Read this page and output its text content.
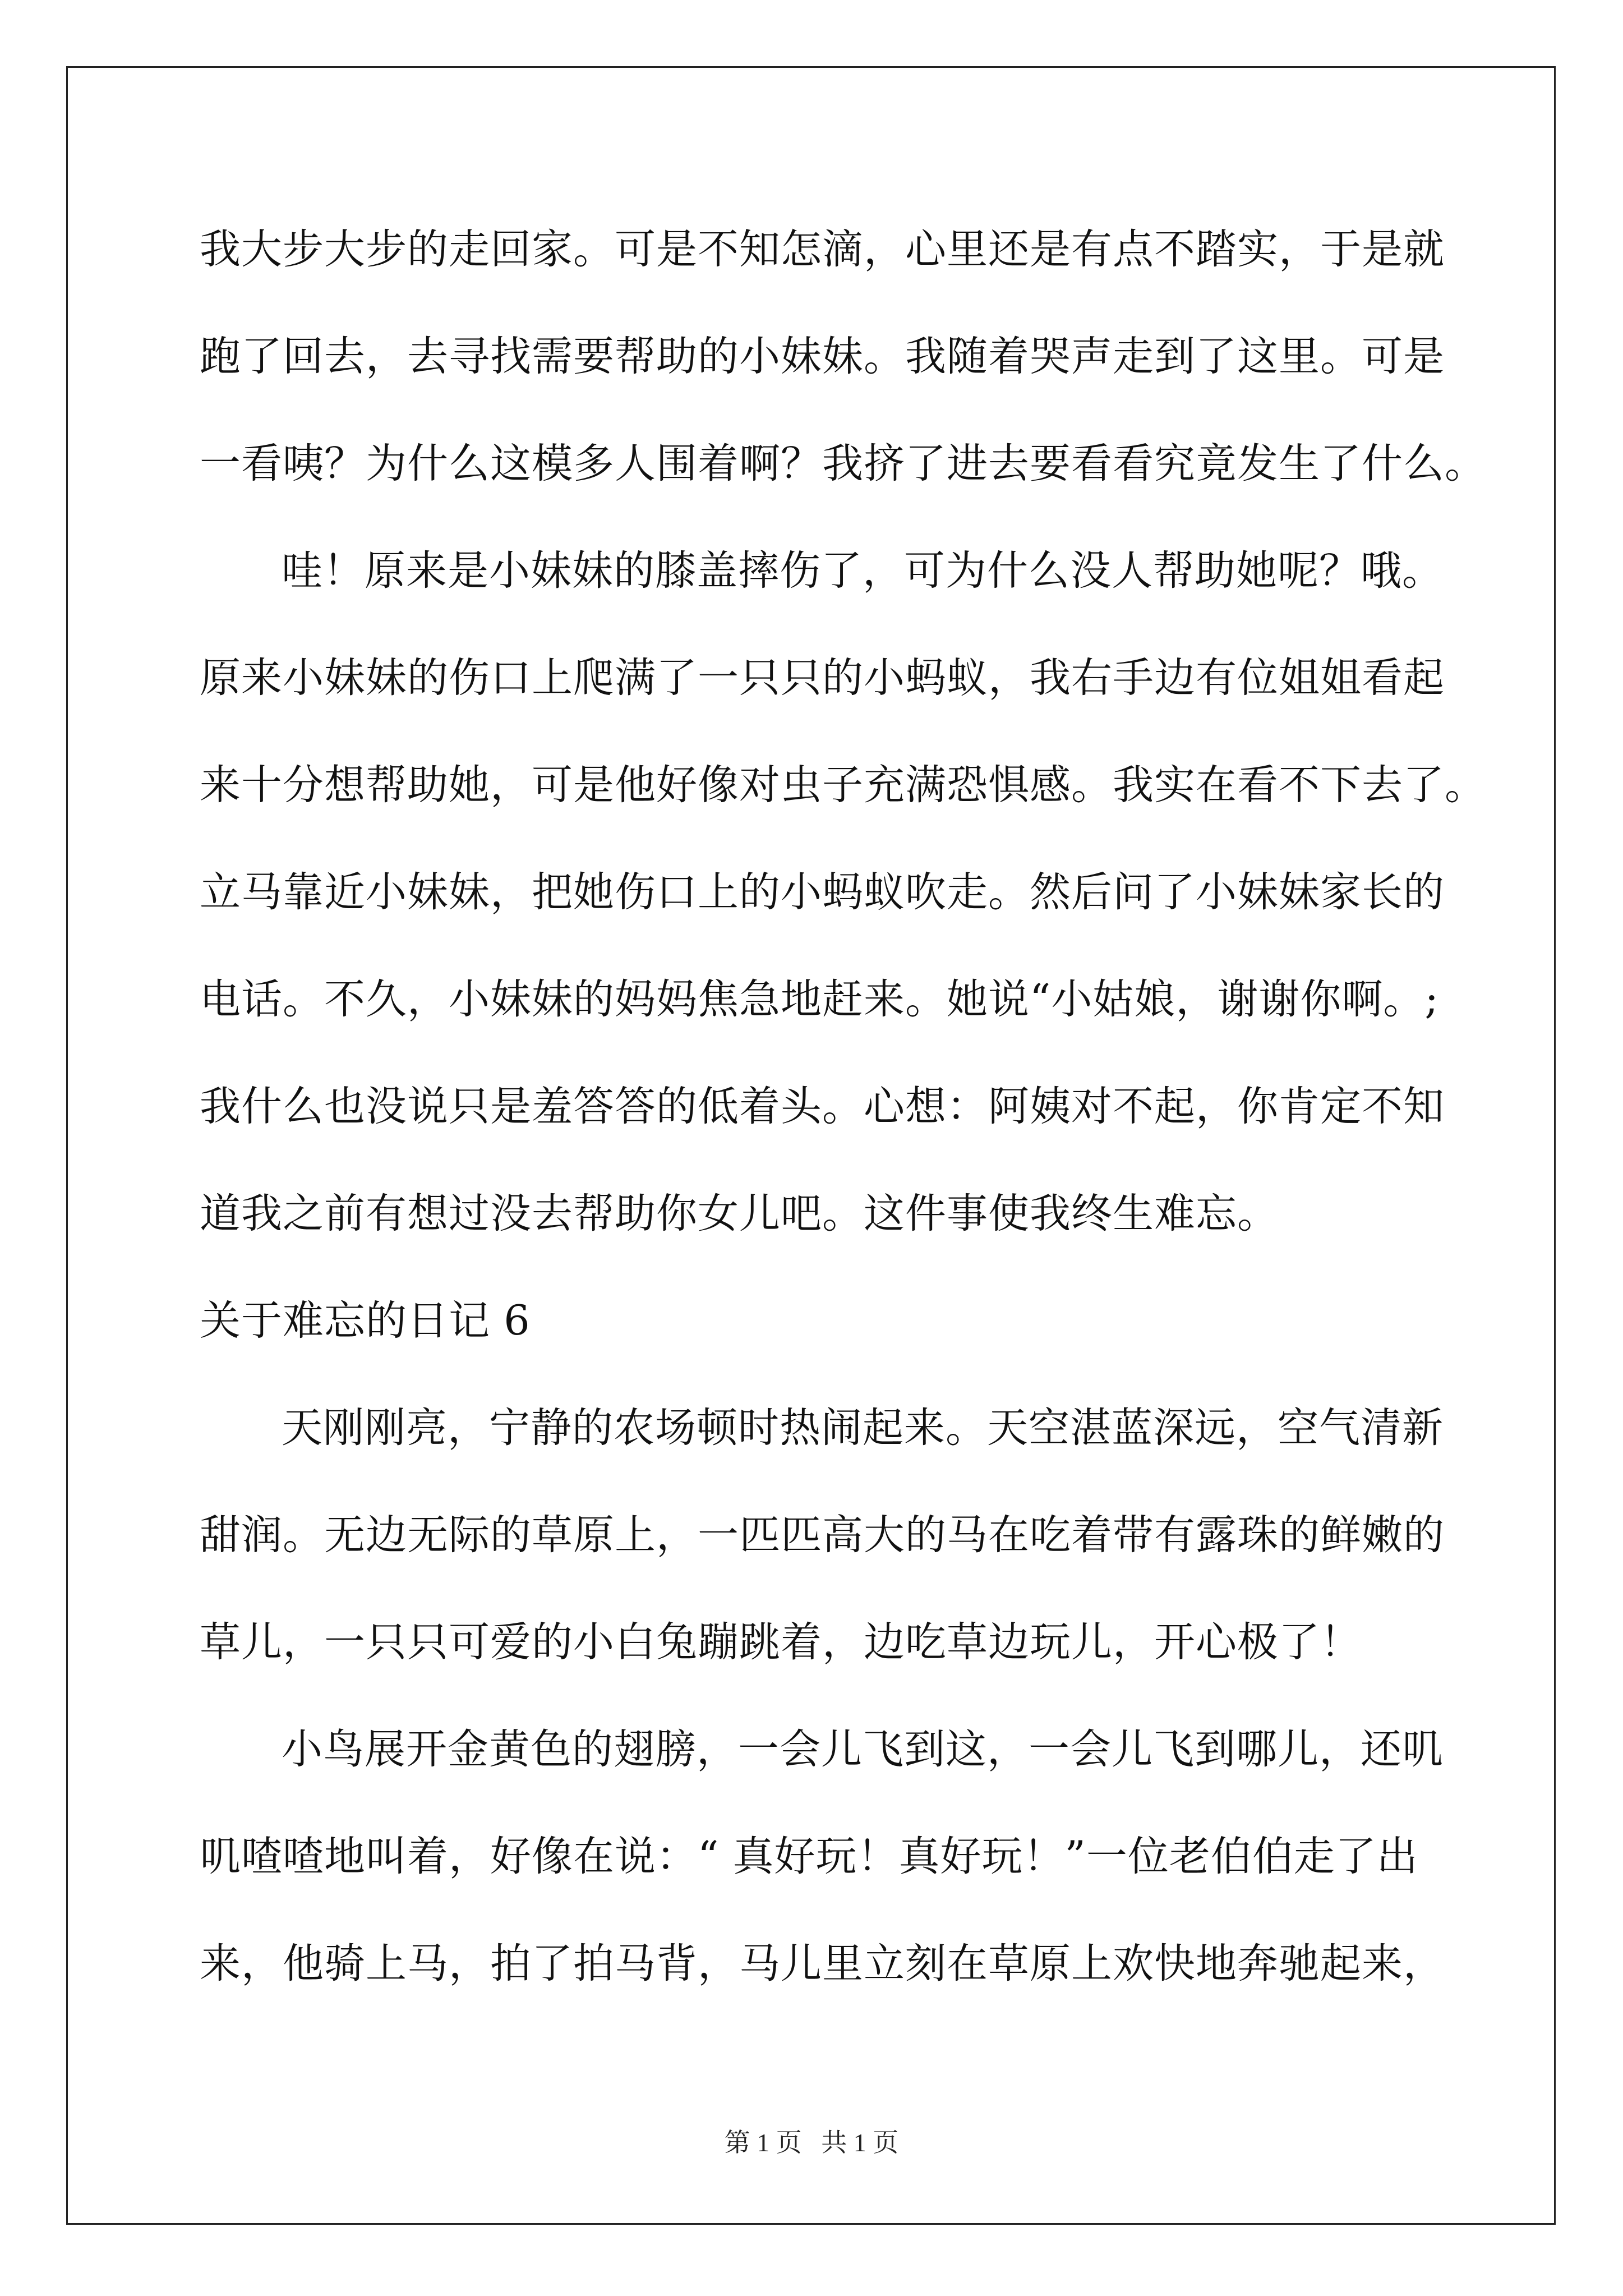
我大步大步的走回家。可是不知怎滴，心里还是有点不踏实，于是就
跑了回去，去寻找需要帮助的小妹妹。我随着哭声走到了这里。可是
一看咦？为什么这模多人围着啊？我挤了进去要看看究竟发生了什么。
哇！原来是小妹妹的膝盖摔伤了，可为什么没人帮助她呢？哦。
原来小妹妹的伤口上爬满了一只只的小蚂蚁，我右手边有位姐姐看起
来十分想帮助她，可是他好像对虫子充满恐惧感。我实在看不下去了。
立马靠近小妹妹，把她伤口上的小蚂蚁吹走。然后问了小妹妹家长的
电话。不久，小妹妹的妈妈焦急地赶来。她说“小姑娘，谢谢你啊。;
我什么也没说只是羞答答的低着头。心想：阿姨对不起，你肯定不知
道我之前有想过没去帮助你女儿吧。这件事使我终生难忘。
关于难忘的日记 6
天刚刚亮，宁静的农场顿时热闹起来。天空湛蓝深远，空气清新
甜润。无边无际的草原上，一匹匹高大的马在吃着带有露珠的鲜嫩的
草儿，一只只可爱的小白兔蹦跳着，边吃草边玩儿，开心极了！
小鸟展开金黄色的翅膀，一会儿飞到这，一会儿飞到哪儿，还叽
叽喳喳地叫着，好像在说：“ 真好玩！真好玩！”一位老伯伯走了出
来，他骑上马，拍了拍马背，马儿里立刻在草原上欢快地奔驰起来，
第 1 页   共 1 页
